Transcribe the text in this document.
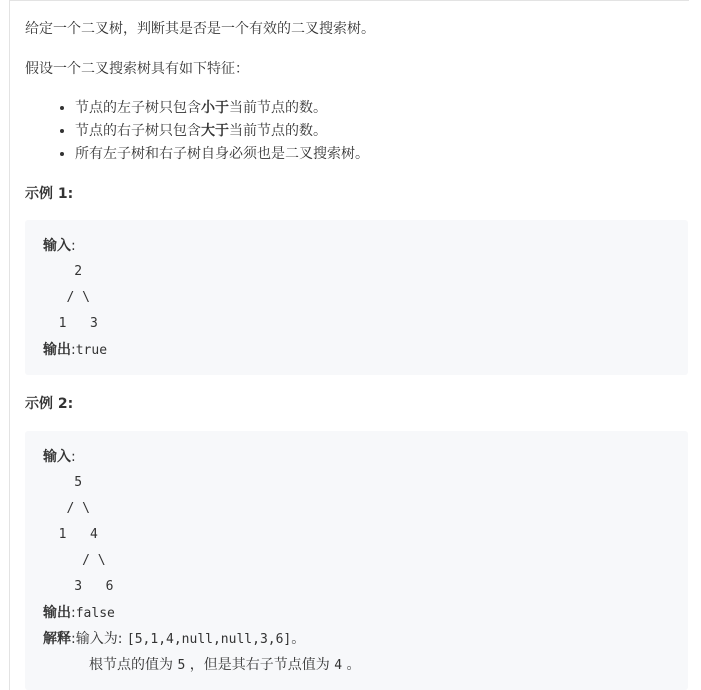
给定一个二叉树，判断其是否是一个有效的二叉搜索树。

假设一个二叉搜索树具有如下特征：

• 节点的左子树只包含小于当前节点的数。
• 节点的右子树只包含大于当前节点的数。
• 所有左子树和右子树自身必须也是二叉搜索树。
示例 1:
输入:
2
/ \
1   3
输出:true
示例 2:
输入:
5
/ \
1   4
/ \
3   6
输出:false
解释:输入为: [5,1,4,null,null,3,6]。
根节点的值为 5 ，但是其右子节点值为 4 。
